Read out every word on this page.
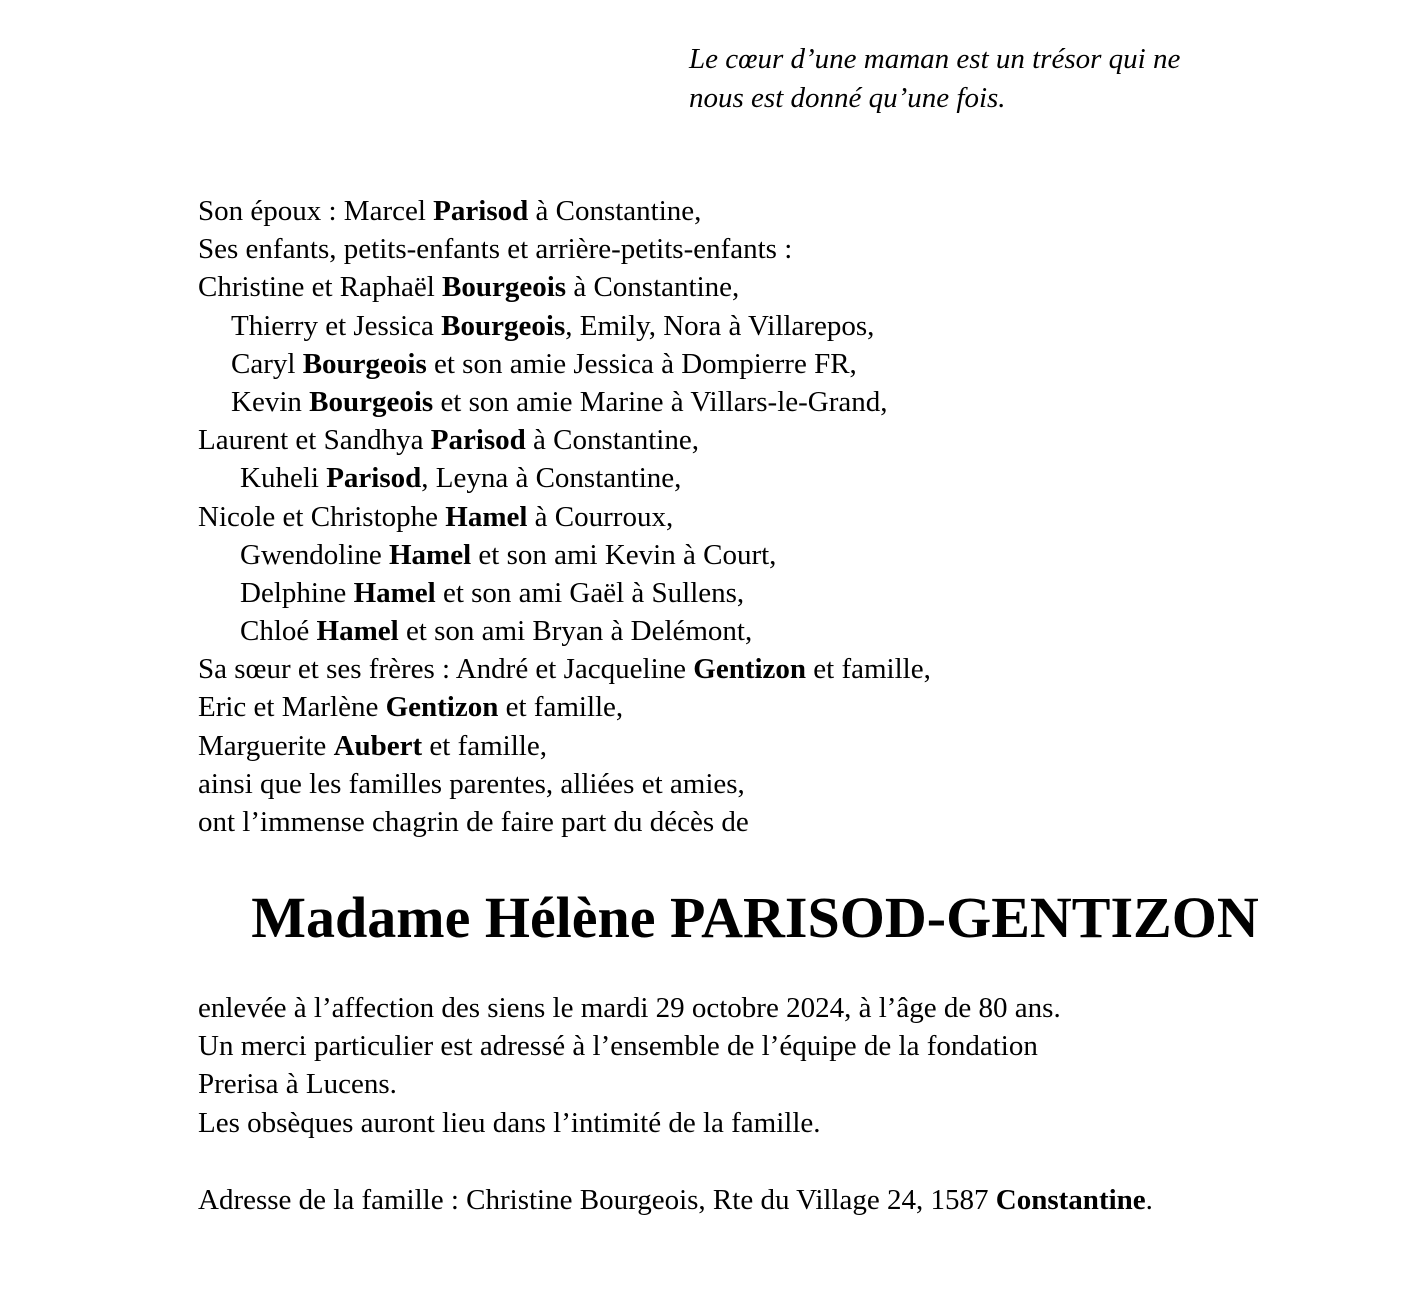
Le cœur d’une maman est un trésor qui ne
nous est donné qu’une fois.
Son époux : Marcel Parisod à Constantine,
Ses enfants, petits-enfants et arrière-petits-enfants :
Christine et Raphaël Bourgeois à Constantine,
Thierry et Jessica Bourgeois, Emily, Nora à Villarepos,
Caryl Bourgeois et son amie Jessica à Dompierre FR,
Kevin Bourgeois et son amie Marine à Villars-le-Grand,
Laurent et Sandhya Parisod à Constantine,
Kuheli Parisod, Leyna à Constantine,
Nicole et Christophe Hamel à Courroux,
Gwendoline Hamel et son ami Kevin à Court,
Delphine Hamel et son ami Gaël à Sullens,
Chloé Hamel et son ami Bryan à Delémont,
Sa sœur et ses frères : André et Jacqueline Gentizon et famille,
Eric et Marlène Gentizon et famille,
Marguerite Aubert et famille,
ainsi que les familles parentes, alliées et amies,
ont l’immense chagrin de faire part du décès de
Madame Hélène PARISOD-GENTIZON
enlevée à l’affection des siens le mardi 29 octobre 2024, à l’âge de 80 ans.
Un merci particulier est adressé à l’ensemble de l’équipe de la fondation
Prerisa à Lucens.
Les obsèques auront lieu dans l’intimité de la famille.
Adresse de la famille : Christine Bourgeois, Rte du Village 24, 1587 Constantine.
